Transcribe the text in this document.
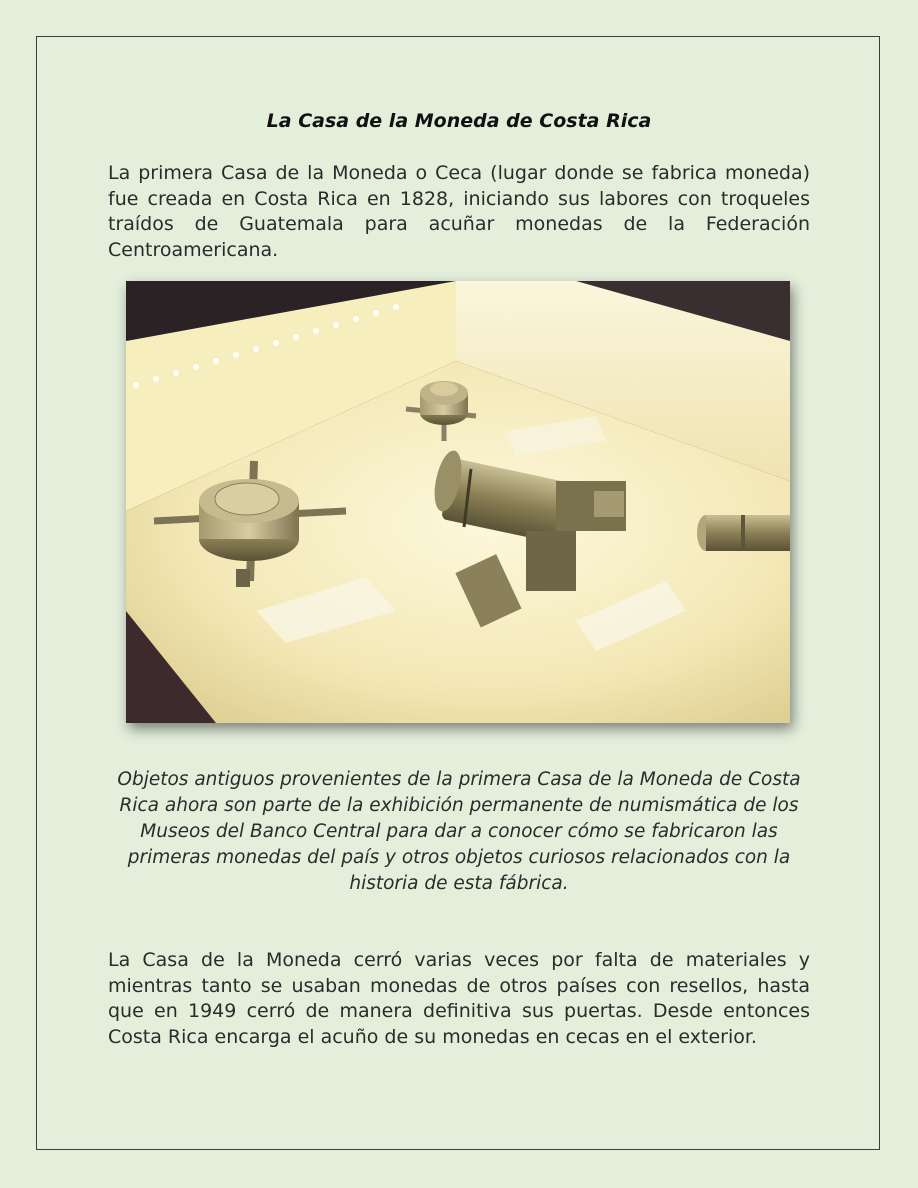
La Casa de la Moneda de Costa Rica

La primera Casa de la Moneda o Ceca (lugar donde se fabrica moneda) fue creada en Costa Rica en 1828, iniciando sus labores con troqueles traídos de Guatemala para acuñar monedas de la Federación Centroamericana.

Objetos antiguos provenientes de la primera Casa de la Moneda de Costa Rica ahora son parte de la exhibición permanente de numismática de los Museos del Banco Central para dar a conocer cómo se fabricaron las primeras monedas del país y otros objetos curiosos relacionados con la historia de esta fábrica.

La Casa de la Moneda cerró varias veces por falta de materiales y mientras tanto se usaban monedas de otros países con resellos, hasta que en 1949 cerró de manera definitiva sus puertas. Desde entonces Costa Rica encarga el acuño de su monedas en cecas en el exterior.
